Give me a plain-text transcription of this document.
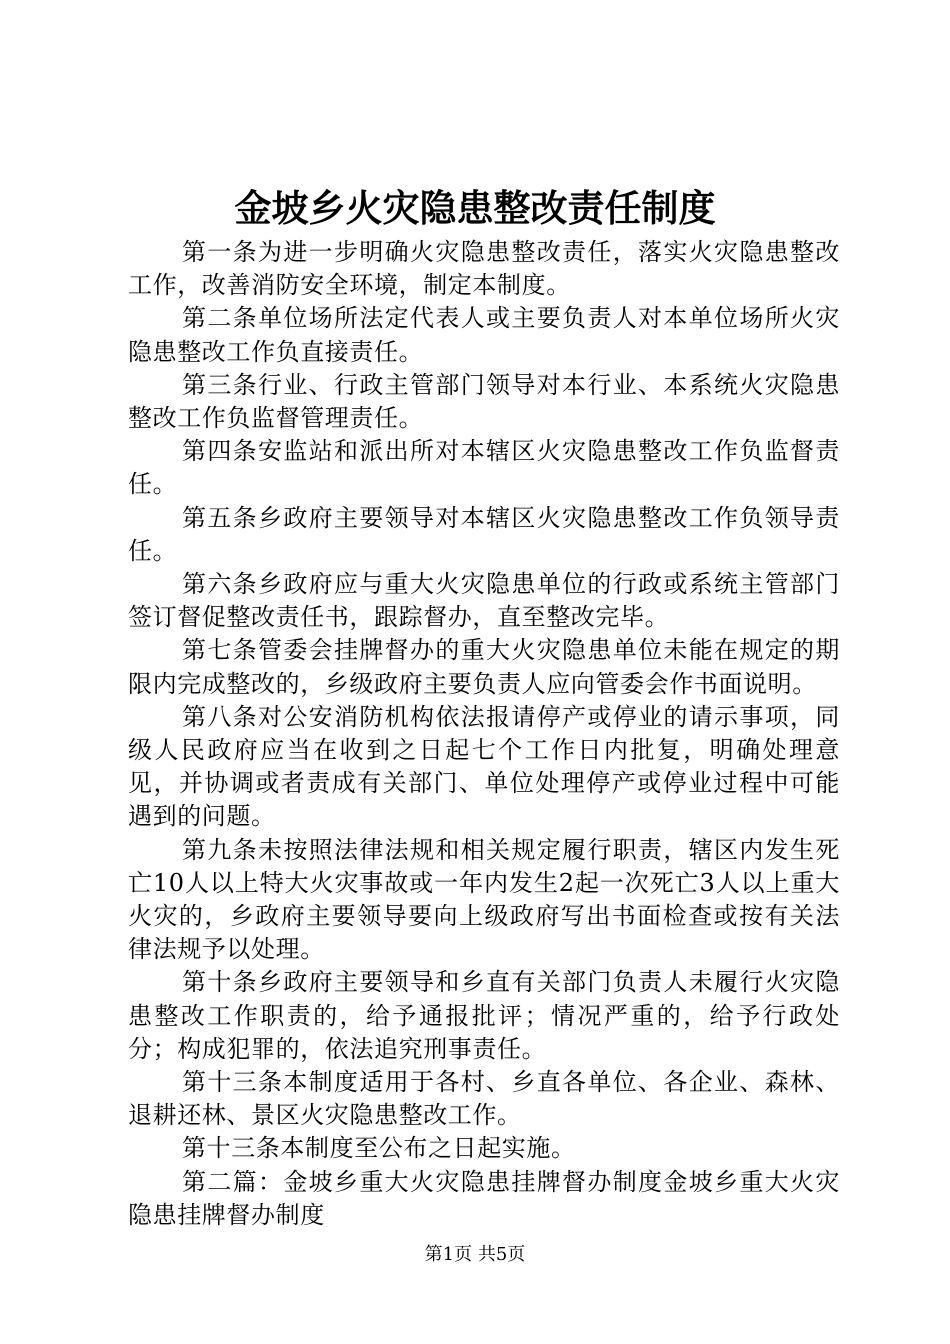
金坡乡火灾隐患整改责任制度

第一条为进一步明确火灾隐患整改责任，落实火灾隐患整改工作，改善消防安全环境，制定本制度。

第二条单位场所法定代表人或主要负责人对本单位场所火灾隐患整改工作负直接责任。

第三条行业、行政主管部门领导对本行业、本系统火灾隐患整改工作负监督管理责任。

第四条安监站和派出所对本辖区火灾隐患整改工作负监督责任。

第五条乡政府主要领导对本辖区火灾隐患整改工作负领导责任。

第六条乡政府应与重大火灾隐患单位的行政或系统主管部门签订督促整改责任书，跟踪督办，直至整改完毕。

第七条管委会挂牌督办的重大火灾隐患单位未能在规定的期限内完成整改的，乡级政府主要负责人应向管委会作书面说明。

第八条对公安消防机构依法报请停产或停业的请示事项，同级人民政府应当在收到之日起七个工作日内批复，明确处理意见，并协调或者责成有关部门、单位处理停产或停业过程中可能遇到的问题。

第九条未按照法律法规和相关规定履行职责，辖区内发生死亡10人以上特大火灾事故或一年内发生2起一次死亡3人以上重大火灾的，乡政府主要领导要向上级政府写出书面检查或按有关法律法规予以处理。

第十条乡政府主要领导和乡直有关部门负责人未履行火灾隐患整改工作职责的，给予通报批评；情况严重的，给予行政处分；构成犯罪的，依法追究刑事责任。

第十三条本制度适用于各村、乡直各单位、各企业、森林、退耕还林、景区火灾隐患整改工作。

第十三条本制度至公布之日起实施。

第二篇：金坡乡重大火灾隐患挂牌督办制度金坡乡重大火灾隐患挂牌督办制度

第1页 共5页
